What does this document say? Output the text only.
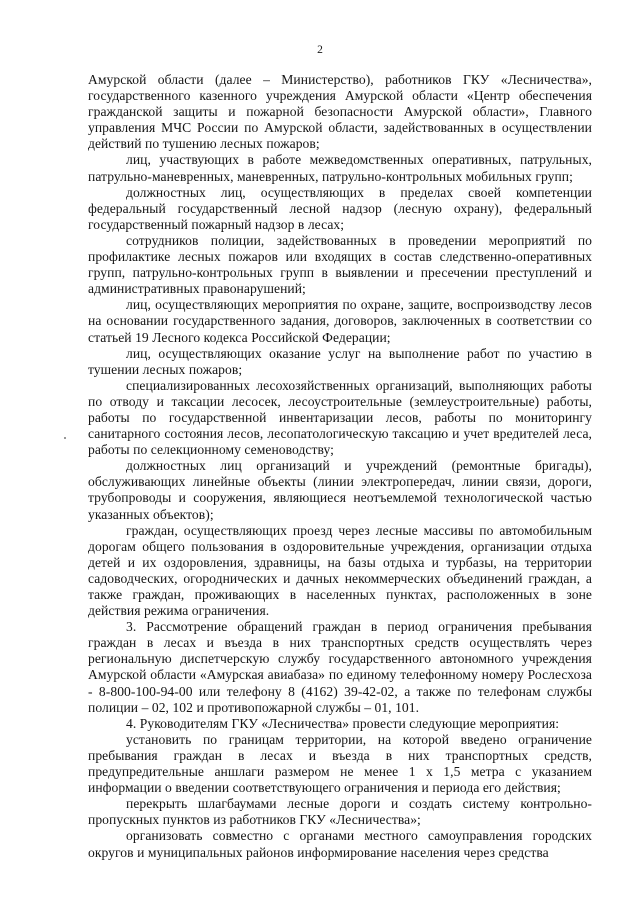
2

Амурской области (далее – Министерство), работников ГКУ «Лесничества», государственного казенного учреждения Амурской области «Центр обеспечения гражданской защиты и пожарной безопасности Амурской области», Главного управления МЧС России по Амурской области, задействованных в осуществлении действий по тушению лесных пожаров;

лиц, участвующих в работе межведомственных оперативных, патрульных, патрульно-маневренных, маневренных, патрульно-контрольных мобильных групп;

должностных лиц, осуществляющих в пределах своей компетенции федеральный государственный лесной надзор (лесную охрану), федеральный государственный пожарный надзор в лесах;

сотрудников полиции, задействованных в проведении мероприятий по профилактике лесных пожаров или входящих в состав следственно-оперативных групп, патрульно-контрольных групп в выявлении и пресечении преступлений и административных правонарушений;

лиц, осуществляющих мероприятия по охране, защите, воспроизводству лесов на основании государственного задания, договоров, заключенных в соответствии со статьей 19 Лесного кодекса Российской Федерации;

лиц, осуществляющих оказание услуг на выполнение работ по участию в тушении лесных пожаров;

специализированных лесохозяйственных организаций, выполняющих работы по отводу и таксации лесосек, лесоустроительные (землеустроительные) работы, работы по государственной инвентаризации лесов, работы по мониторингу санитарного состояния лесов, лесопатологическую таксацию и учет вредителей леса, работы по селекционному семеноводству;

должностных лиц организаций и учреждений (ремонтные бригады), обслуживающих линейные объекты (линии электропередач, линии связи, дороги, трубопроводы и сооружения, являющиеся неотъемлемой технологической частью указанных объектов);

граждан, осуществляющих проезд через лесные массивы по автомобильным дорогам общего пользования в оздоровительные учреждения, организации отдыха детей и их оздоровления, здравницы, на базы отдыха и турбазы, на территории садоводческих, огороднических и дачных некоммерческих объединений граждан, а также граждан, проживающих в населенных пунктах, расположенных в зоне действия режима ограничения.

3. Рассмотрение обращений граждан в период ограничения пребывания граждан в лесах и въезда в них транспортных средств осуществлять через региональную диспетчерскую службу государственного автономного учреждения Амурской области «Амурская авиабаза» по единому телефонному номеру Рослесхоза - 8-800-100-94-00 или телефону 8 (4162) 39-42-02, а также по телефонам службы полиции – 02, 102 и противопожарной службы – 01, 101.

4. Руководителям ГКУ «Лесничества» провести следующие мероприятия:

установить по границам территории, на которой введено ограничение пребывания граждан в лесах и въезда в них транспортных средств, предупредительные аншлаги размером не менее 1 х 1,5 метра с указанием информации о введении соответствующего ограничения и периода его действия;

перекрыть шлагбаумами лесные дороги и создать систему контрольно-пропускных пунктов из работников ГКУ «Лесничества»;

организовать совместно с органами местного самоуправления городских округов и муниципальных районов информирование населения через средства
